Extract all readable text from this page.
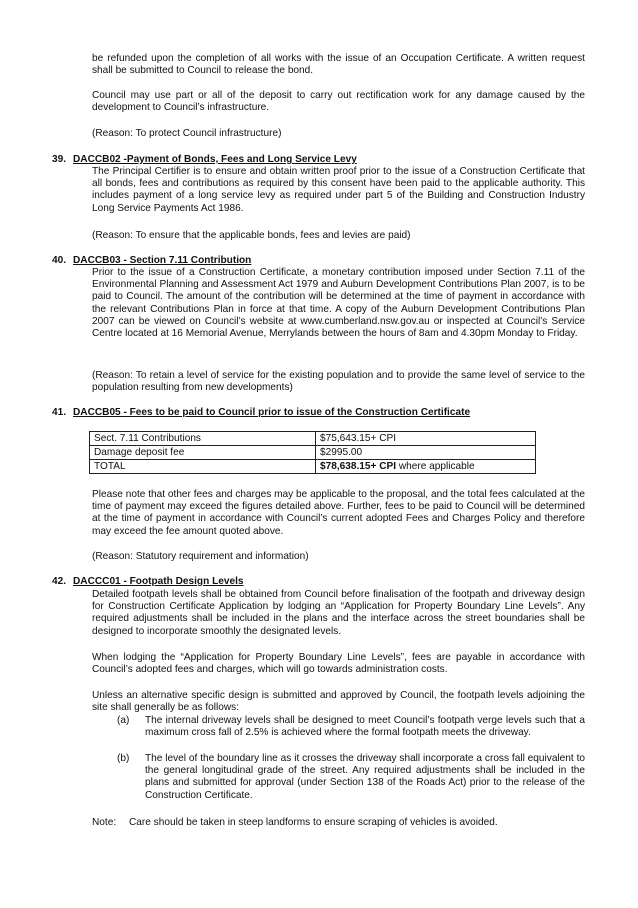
be refunded upon the completion of all works with the issue of an Occupation Certificate. A written request shall be submitted to Council to release the bond.

Council may use part or all of the deposit to carry out rectification work for any damage caused by the development to Council’s infrastructure.

(Reason: To protect Council infrastructure)

39. DACCB02 -Payment of Bonds, Fees and Long Service Levy

The Principal Certifier is to ensure and obtain written proof prior to the issue of a Construction Certificate that all bonds, fees and contributions as required by this consent have been paid to the applicable authority. This includes payment of a long service levy as required under part 5 of the Building and Construction Industry Long Service Payments Act 1986.

(Reason: To ensure that the applicable bonds, fees and levies are paid)

40. DACCB03 - Section 7.11 Contribution

Prior to the issue of a Construction Certificate, a monetary contribution imposed under Section 7.11 of the Environmental Planning and Assessment Act 1979 and Auburn Development Contributions Plan 2007, is to be paid to Council. The amount of the contribution will be determined at the time of payment in accordance with the relevant Contributions Plan in force at that time. A copy of the Auburn Development Contributions Plan 2007 can be viewed on Council’s website at www.cumberland.nsw.gov.au or inspected at Council’s Service Centre located at 16 Memorial Avenue, Merrylands between the hours of 8am and 4.30pm Monday to Friday.

(Reason: To retain a level of service for the existing population and to provide the same level of service to the population resulting from new developments)

41. DACCB05 - Fees to be paid to Council prior to issue of the Construction Certificate
Sect. 7.11 Contributions	$75,643.15+ CPI
Damage deposit fee	$2995.00
TOTAL	$78,638.15+ CPI where applicable

Please note that other fees and charges may be applicable to the proposal, and the total fees calculated at the time of payment may exceed the figures detailed above. Further, fees to be paid to Council will be determined at the time of payment in accordance with Council’s current adopted Fees and Charges Policy and therefore may exceed the fee amount quoted above.

(Reason: Statutory requirement and information)

42. DACCC01 - Footpath Design Levels

Detailed footpath levels shall be obtained from Council before finalisation of the footpath and driveway design for Construction Certificate Application by lodging an “Application for Property Boundary Line Levels”. Any required adjustments shall be included in the plans and the interface across the street boundaries shall be designed to incorporate smoothly the designated levels.

When lodging the “Application for Property Boundary Line Levels”, fees are payable in accordance with Council’s adopted fees and charges, which will go towards administration costs.

Unless an alternative specific design is submitted and approved by Council, the footpath levels adjoining the site shall generally be as follows:

(a) The internal driveway levels shall be designed to meet Council’s footpath verge levels such that a maximum cross fall of 2.5% is achieved where the formal footpath meets the driveway.
(b) The level of the boundary line as it crosses the driveway shall incorporate a cross fall equivalent to the general longitudinal grade of the street. Any required adjustments shall be included in the plans and submitted for approval (under Section 138 of the Roads Act) prior to the release of the Construction Certificate.
Note: Care should be taken in steep landforms to ensure scraping of vehicles is avoided.
